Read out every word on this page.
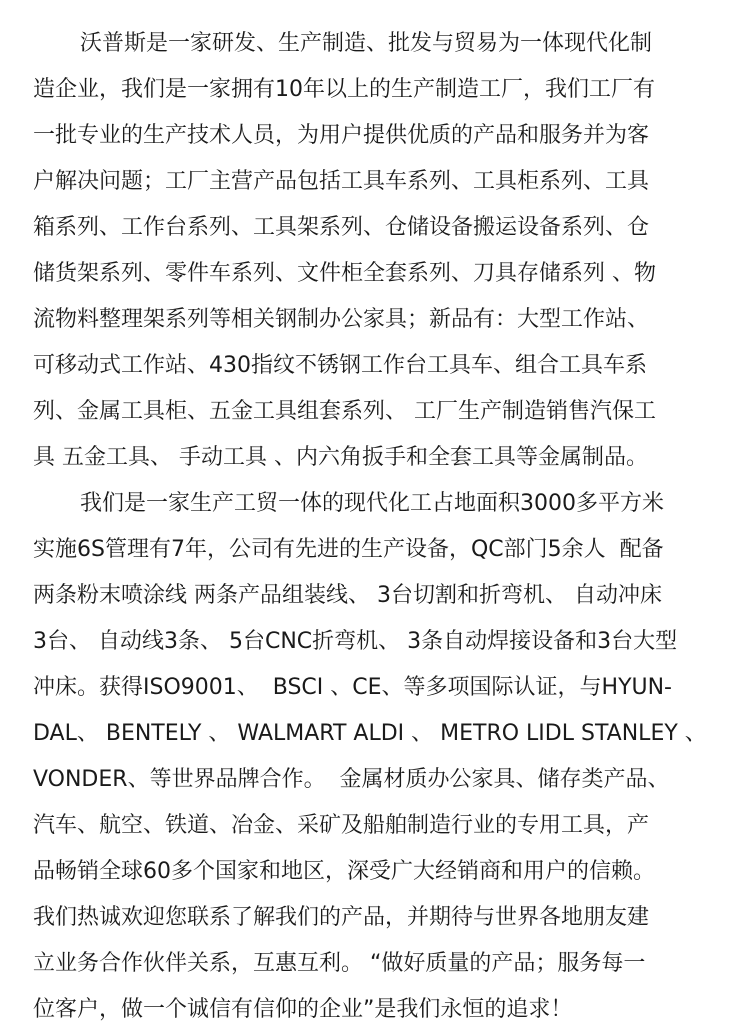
沃普斯是一家研发、生产制造、批发与贸易为一体现代化制
造企业，我们是一家拥有10年以上的生产制造工厂，我们工厂有
一批专业的生产技术人员，为用户提供优质的产品和服务并为客
户解决问题；工厂主营产品包括工具车系列、工具柜系列、工具
箱系列、工作台系列、工具架系列、仓储设备搬运设备系列、仓
储货架系列、零件车系列、文件柜全套系列、刀具存储系列 、物
流物料整理架系列等相关钢制办公家具；新品有：大型工作站、
可移动式工作站、430指纹不锈钢工作台工具车、组合工具车系
列、金属工具柜、五金工具组套系列、 工厂生产制造销售汽保工
具 五金工具、 手动工具 、内六角扳手和全套工具等金属制品。
我们是一家生产工贸一体的现代化工占地面积3000多平方米
实施6S管理有7年，公司有先进的生产设备，QC部门5余人  配备
两条粉末喷涂线 两条产品组装线、 3台切割和折弯机、 自动冲床
3台、 自动线3条、 5台CNC折弯机、 3条自动焊接设备和3台大型
冲床。获得ISO9001、  BSCI 、CE、等多项国际认证，与HYUN-
DAL、 BENTELY 、 WALMART ALDI 、 METRO LIDL STANLEY 、
VONDER、等世界品牌合作。  金属材质办公家具、储存类产品、
汽车、航空、铁道、冶金、采矿及船舶制造行业的专用工具，产
品畅销全球60多个国家和地区，深受广大经销商和用户的信赖。
我们热诚欢迎您联系了解我们的产品，并期待与世界各地朋友建
立业务合作伙伴关系，互惠互利。 “做好质量的产品；服务每一
位客户，做一个诚信有信仰的企业”是我们永恒的追求！
